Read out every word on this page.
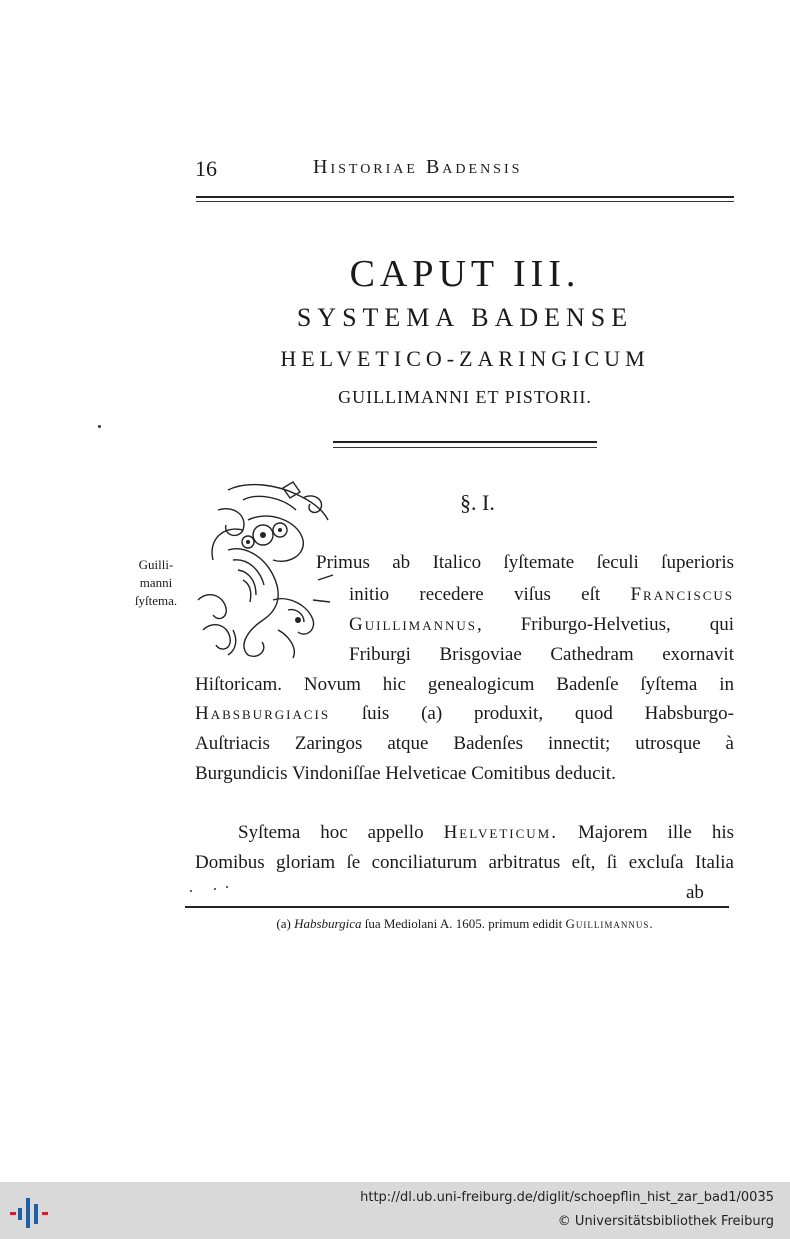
16	Historiae Badensis
CAPUT III.
SYSTEMA BADENSE
HELVETICO-ZARINGICUM
GUILLIMANNI ET PISTORII.
§. I.
Guilli-
manni
ſyſtema.
Primus ab Italico ſyſtemate ſeculi ſuperioris
initio recedere viſus eſt Franciscus
Guillimannus, Friburgo-Helvetius, qui
Friburgi Brisgoviae Cathedram exornavit
Hiſtoricam. Novum hic genealogicum Badenſe ſyſtema in
Habsburgiacis ſuis (a) produxit, quod Habsburgo-
Auſtriacis Zaringos atque Badenſes innectit; utrosque à
Burgundicis Vindoniſſae Helveticae Comitibus deducit.
Syſtema hoc appello Helveticum. Majorem ille his
Domibus gloriam ſe conciliaturum arbitratus eſt, ſi excluſa Italia
ab
(a) Habsburgica ſua Mediolani A. 1605. primum edidit Guillimannus.
http://dl.ub.uni-freiburg.de/diglit/schoepflin_hist_zar_bad1/0035
© Universitätsbibliothek Freiburg
